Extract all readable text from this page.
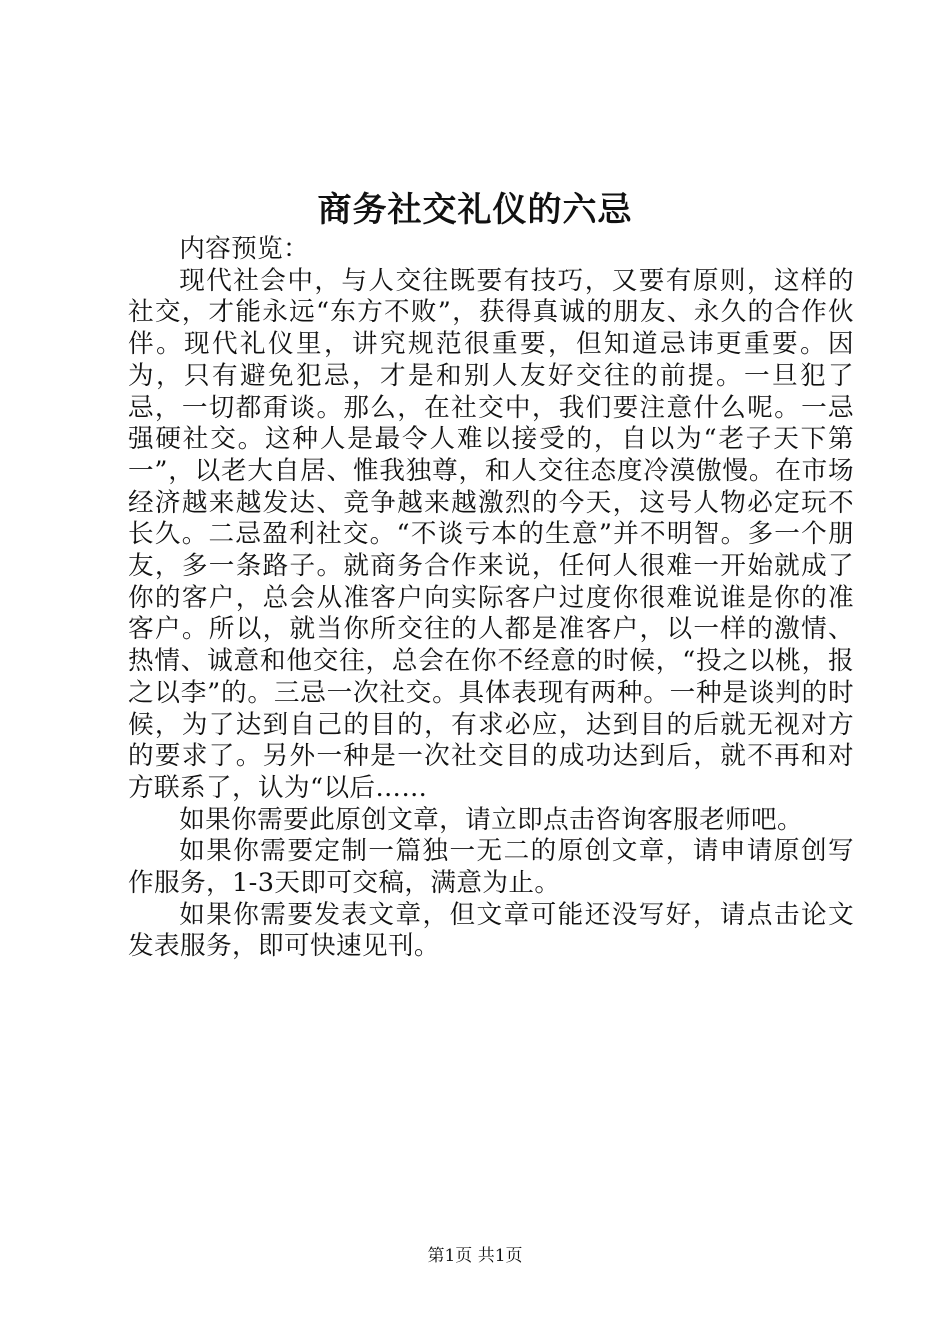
商务社交礼仪的六忌

内容预览：

现代社会中，与人交往既要有技巧，又要有原则，这样的社交，才能永远“东方不败”，获得真诚的朋友、永久的合作伙伴。现代礼仪里，讲究规范很重要，但知道忌讳更重要。因为，只有避免犯忌，才是和别人友好交往的前提。一旦犯了忌，一切都甭谈。那么，在社交中，我们要注意什么呢。一忌强硬社交。这种人是最令人难以接受的，自以为“老子天下第一”，以老大自居、惟我独尊，和人交往态度冷漠傲慢。在市场经济越来越发达、竞争越来越激烈的今天，这号人物必定玩不长久。二忌盈利社交。“不谈亏本的生意”并不明智。多一个朋友，多一条路子。就商务合作来说，任何人很难一开始就成了你的客户，总会从准客户向实际客户过度你很难说谁是你的准客户。所以，就当你所交往的人都是准客户，以一样的激情、热情、诚意和他交往，总会在你不经意的时候，“投之以桃，报之以李”的。三忌一次社交。具体表现有两种。一种是谈判的时候，为了达到自己的目的，有求必应，达到目的后就无视对方的要求了。另外一种是一次社交目的成功达到后，就不再和对方联系了，认为“以后……

如果你需要此原创文章，请立即点击咨询客服老师吧。

如果你需要定制一篇独一无二的原创文章，请申请原创写作服务，1-3天即可交稿，满意为止。

如果你需要发表文章，但文章可能还没写好，请点击论文发表服务，即可快速见刊。

第1页 共1页
